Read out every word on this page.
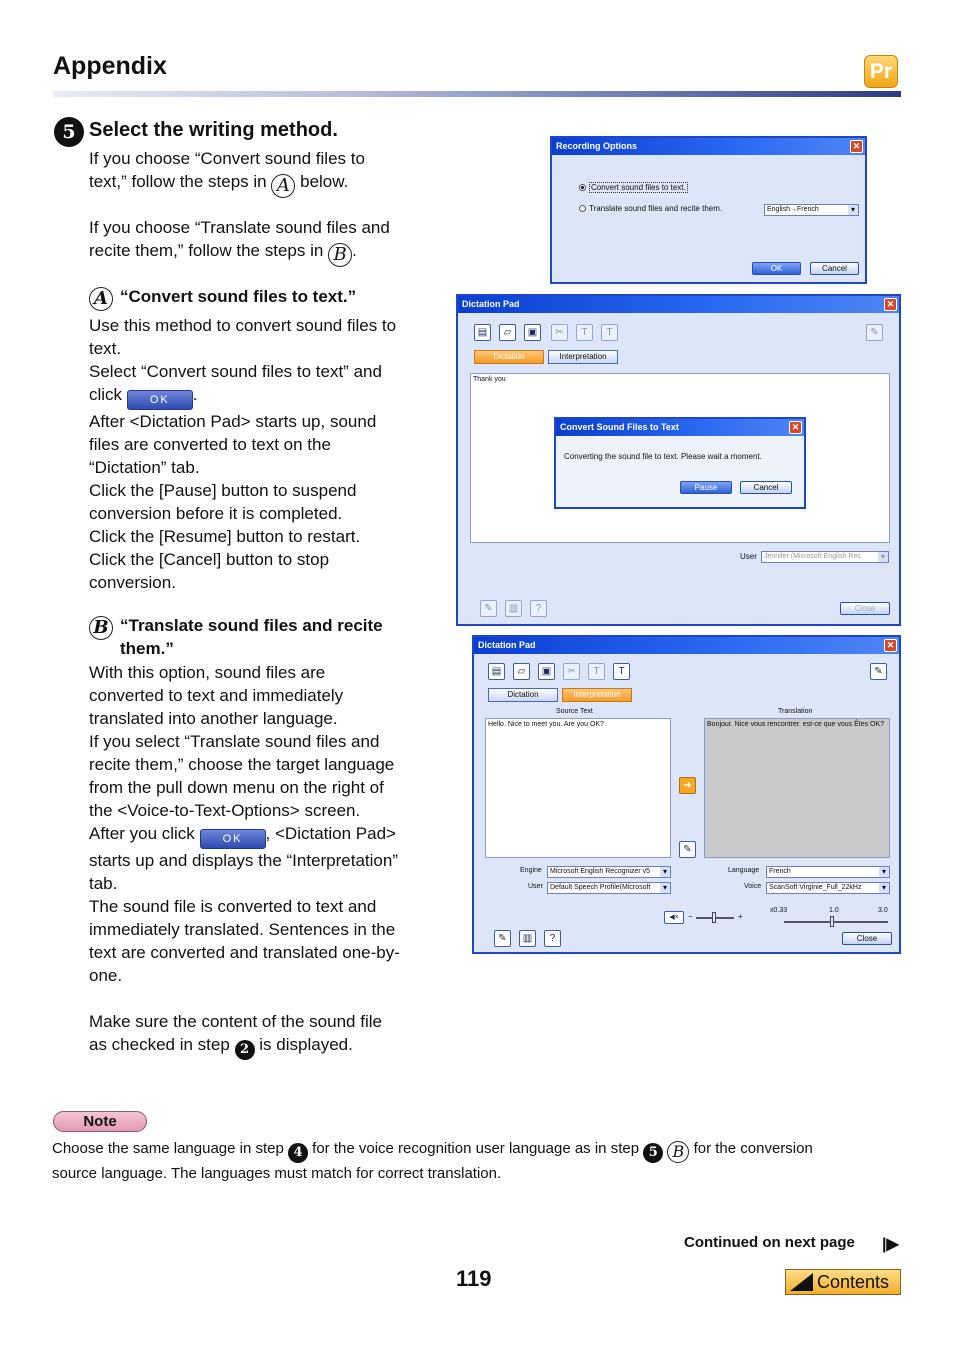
Appendix	Pr
5 Select the writing method.
If you choose “Convert sound files to
text,” follow the steps in A below.
If you choose “Translate sound files and
recite them,” follow the steps in B .
A “Convert sound files to text.”
Use this method to convert sound files to
text.
Select “Convert sound files to text” and
click	OK .
After <Dictation Pad> starts up, sound
files are converted to text on the
“Dictation” tab.
Click the [Pause] button to suspend
conversion before it is completed.
Click the [Resume] button to restart.
Click the [Cancel] button to stop
conversion.
B “Translate sound files and recite
them.”
With this option, sound files are
converted to text and immediately
translated into another language.
If you select “Translate sound files and
recite them,” choose the target language
from the pull down menu on the right of
the <Voice-to-Text-Options> screen.
After you click	OK , <Dictation Pad>
starts up and displays the “Interpretation”
tab.
The sound file is converted to text and
immediately translated. Sentences in the
text are converted and translated one-by-
one.
Make sure the content of the sound file
as checked in step 2 is displayed.
Recording Options	✕
Convert sound files to text.
Translate sound files and recite them.	English→French ▾
OK	Cancel
Dictation Pad	✕
▤	▱	▣	✂	T	T	✎
Dictation	Interpretation
Thank you
Convert Sound Files to Text	✕
Converting the sound file to text. Please wait a moment.
Pause	Cancel
User	Jennifer (Microsoft English Rec ▾
✎	▥	?	Close
Dictation Pad	✕
▤	▱	▣	✂	T	T	✎
Dictation	Interpretation
Source Text	Translation
Hello. Nice to meet you. Are you OK?	Bonjour. Nice vous rencontrer. est-ce que vous Êtes OK?
➜
✎
Engine	Microsoft English Recognizer v5 ▾
User	Default Speech Profile(Microsoft ▾
Language	French ▾
Voice	ScanSoft Virginie_Full_22kHz ▾
◀×	−	+
x0.33	1.0	3.0
✎	▥	?	Close
Note
Choose the same language in step 4 for the voice recognition user language as in step 5 B for the conversion
source language. The languages must match for correct translation.
Continued on next page |▶
119	Contents
